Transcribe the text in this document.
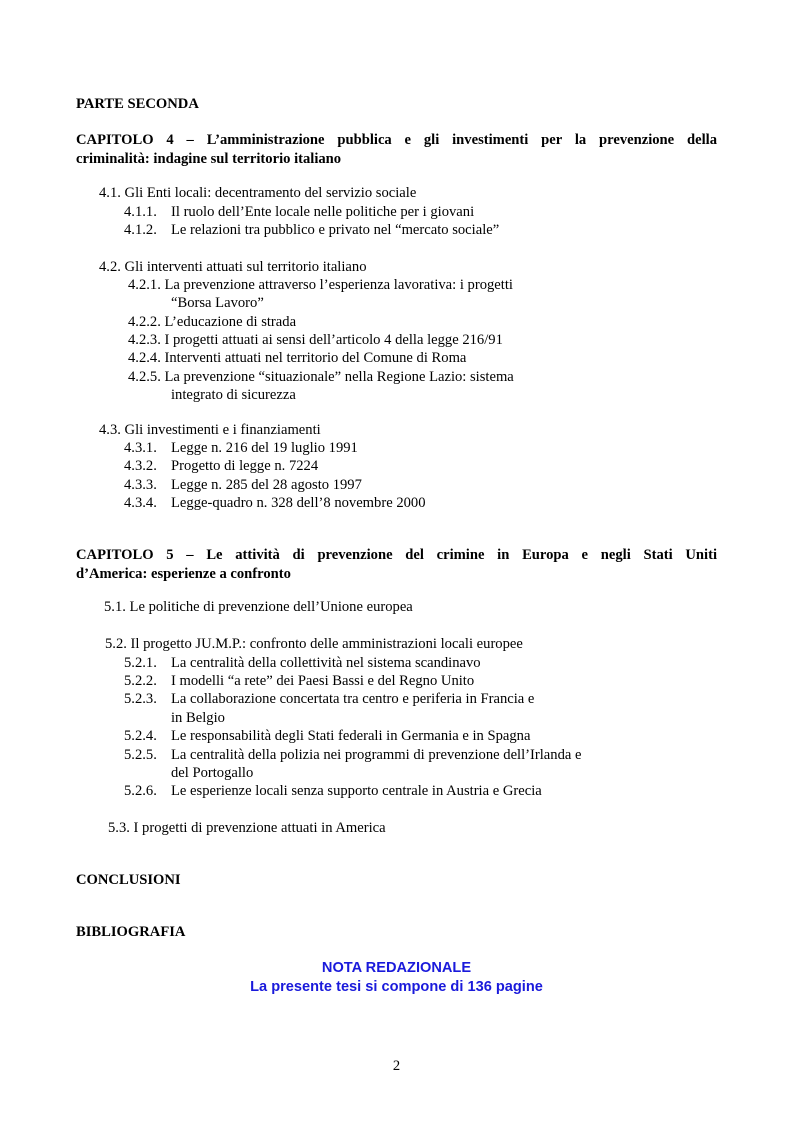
PARTE SECONDA
CAPITOLO 4 – L’amministrazione pubblica e gli investimenti per la prevenzione della
criminalità: indagine sul territorio italiano
4.1. Gli Enti locali: decentramento del servizio sociale
4.1.1. Il ruolo dell’Ente locale nelle politiche per i giovani
4.1.2. Le relazioni tra pubblico e privato nel “mercato sociale”
4.2. Gli interventi attuati sul territorio italiano
4.2.1. La prevenzione attraverso l’esperienza lavorativa: i progetti
“Borsa Lavoro”
4.2.2. L’educazione di strada
4.2.3. I progetti attuati ai sensi dell’articolo 4 della legge 216/91
4.2.4. Interventi attuati nel territorio del Comune di Roma
4.2.5. La prevenzione “situazionale” nella Regione Lazio: sistema
integrato di sicurezza
4.3. Gli investimenti e i finanziamenti
4.3.1. Legge n. 216 del 19 luglio 1991
4.3.2. Progetto di legge n. 7224
4.3.3. Legge n. 285 del 28 agosto 1997
4.3.4. Legge-quadro n. 328 dell’8 novembre 2000
CAPITOLO 5 – Le attività di prevenzione del crimine in Europa e negli Stati Uniti
d’America: esperienze a confronto
5.1. Le politiche di prevenzione dell’Unione europea
5.2. Il progetto JU.M.P.: confronto delle amministrazioni locali europee
5.2.1. La centralità della collettività nel sistema scandinavo
5.2.2. I modelli “a rete” dei Paesi Bassi e del Regno Unito
5.2.3. La collaborazione concertata tra centro e periferia in Francia e
in Belgio
5.2.4. Le responsabilità degli Stati federali in Germania e in Spagna
5.2.5. La centralità della polizia nei programmi di prevenzione dell’Irlanda e
del Portogallo
5.2.6. Le esperienze locali senza supporto centrale in Austria e Grecia
5.3. I progetti di prevenzione attuati in America
CONCLUSIONI
BIBLIOGRAFIA
NOTA REDAZIONALE
La presente tesi si compone di 136 pagine
2
